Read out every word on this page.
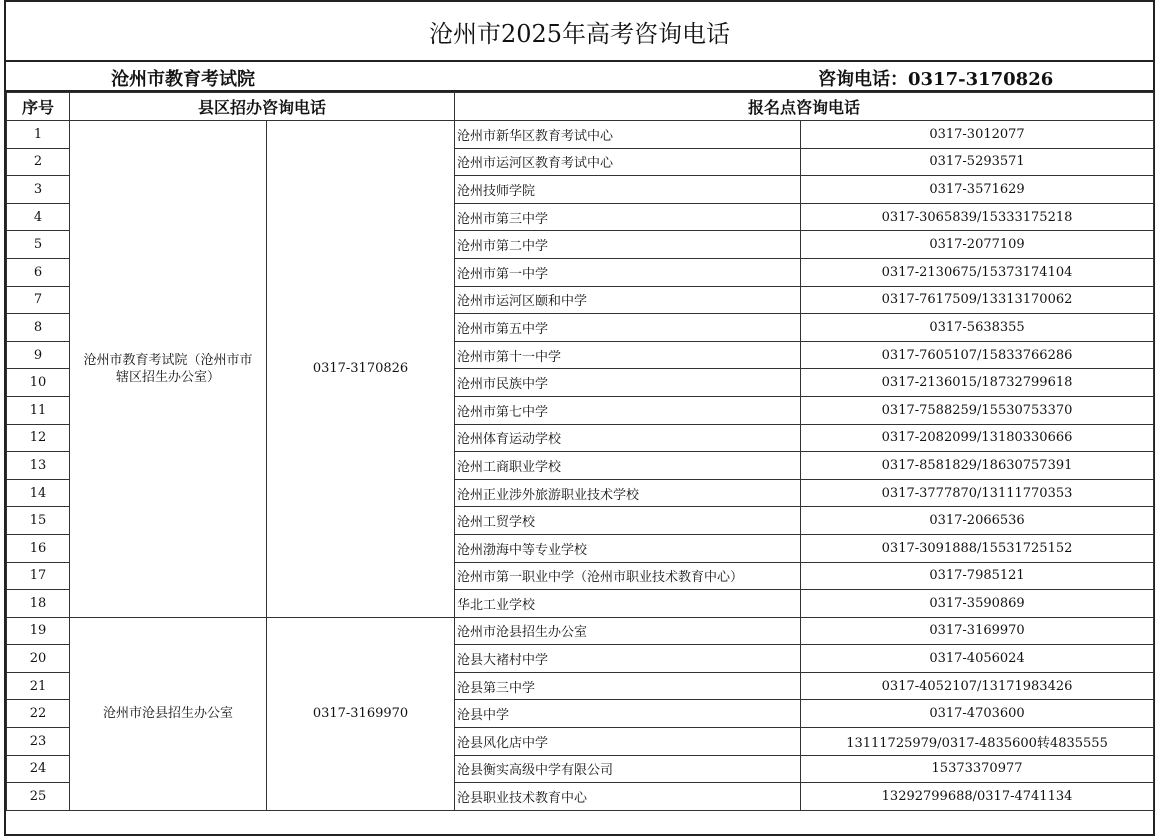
沧州市2025年高考咨询电话
沧州市教育考试院	咨询电话：0317-3170826
序号	县区招办咨询电话		报名点咨询电话	
1	沧州市教育考试院（沧州市市辖区招生办公室）	0317-3170826	沧州市新华区教育考试中心	0317-3012077
2			沧州市运河区教育考试中心	0317-5293571
3			沧州技师学院	0317-3571629
4			沧州市第三中学	0317-3065839/15333175218
5			沧州市第二中学	0317-2077109
6			沧州市第一中学	0317-2130675/15373174104
7			沧州市运河区颐和中学	0317-7617509/13313170062
8			沧州市第五中学	0317-5638355
9			沧州市第十一中学	0317-7605107/15833766286
10			沧州市民族中学	0317-2136015/18732799618
11			沧州市第七中学	0317-7588259/15530753370
12			沧州体育运动学校	0317-2082099/13180330666
13			沧州工商职业学校	0317-8581829/18630757391
14			沧州正业涉外旅游职业技术学校	0317-3777870/13111770353
15			沧州工贸学校	0317-2066536
16			沧州渤海中等专业学校	0317-3091888/15531725152
17			沧州市第一职业中学（沧州市职业技术教育中心）	0317-7985121
18			华北工业学校	0317-3590869
19	沧州市沧县招生办公室	0317-3169970	沧州市沧县招生办公室	0317-3169970
20			沧县大褚村中学	0317-4056024
21			沧县第三中学	0317-4052107/13171983426
22			沧县中学	0317-4703600
23			沧县风化店中学	13111725979/0317-4835600转4835555
24			沧县衡实高级中学有限公司	15373370977
25			沧县职业技术教育中心	13292799688/0317-4741134
